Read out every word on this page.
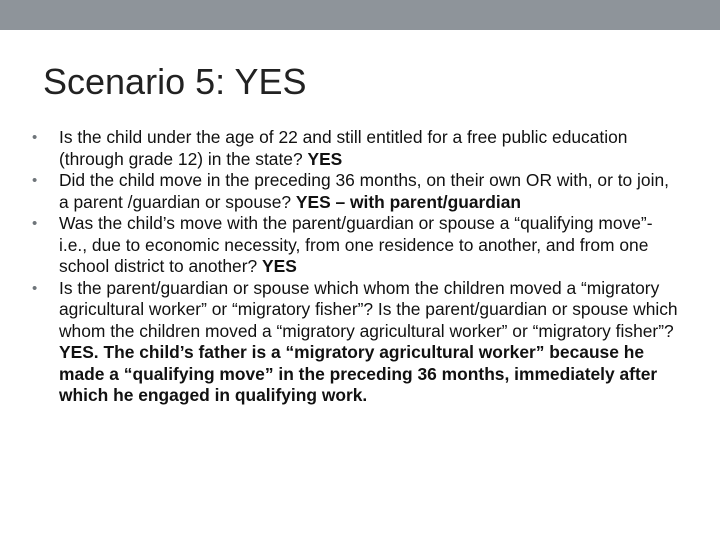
Scenario 5: YES
•	Is the child under the age of 22 and still entitled for a free public education (through grade 12) in the state? YES
•	Did the child move in the preceding 36 months, on their own OR with, or to join, a parent /guardian or spouse? YES – with parent/guardian
•	Was the child’s move with the parent/guardian or spouse a “qualifying move”- i.e., due to economic necessity, from one residence to another, and from one school district to another? YES
•	Is the parent/guardian or spouse which whom the children moved a “migratory agricultural worker” or “migratory fisher”? Is the parent/guardian or spouse which whom the children moved a “migratory agricultural worker” or “migratory fisher”? YES. The child’s father is a “migratory agricultural worker” because he made a “qualifying move” in the preceding 36 months, immediately after which he engaged in qualifying work.
